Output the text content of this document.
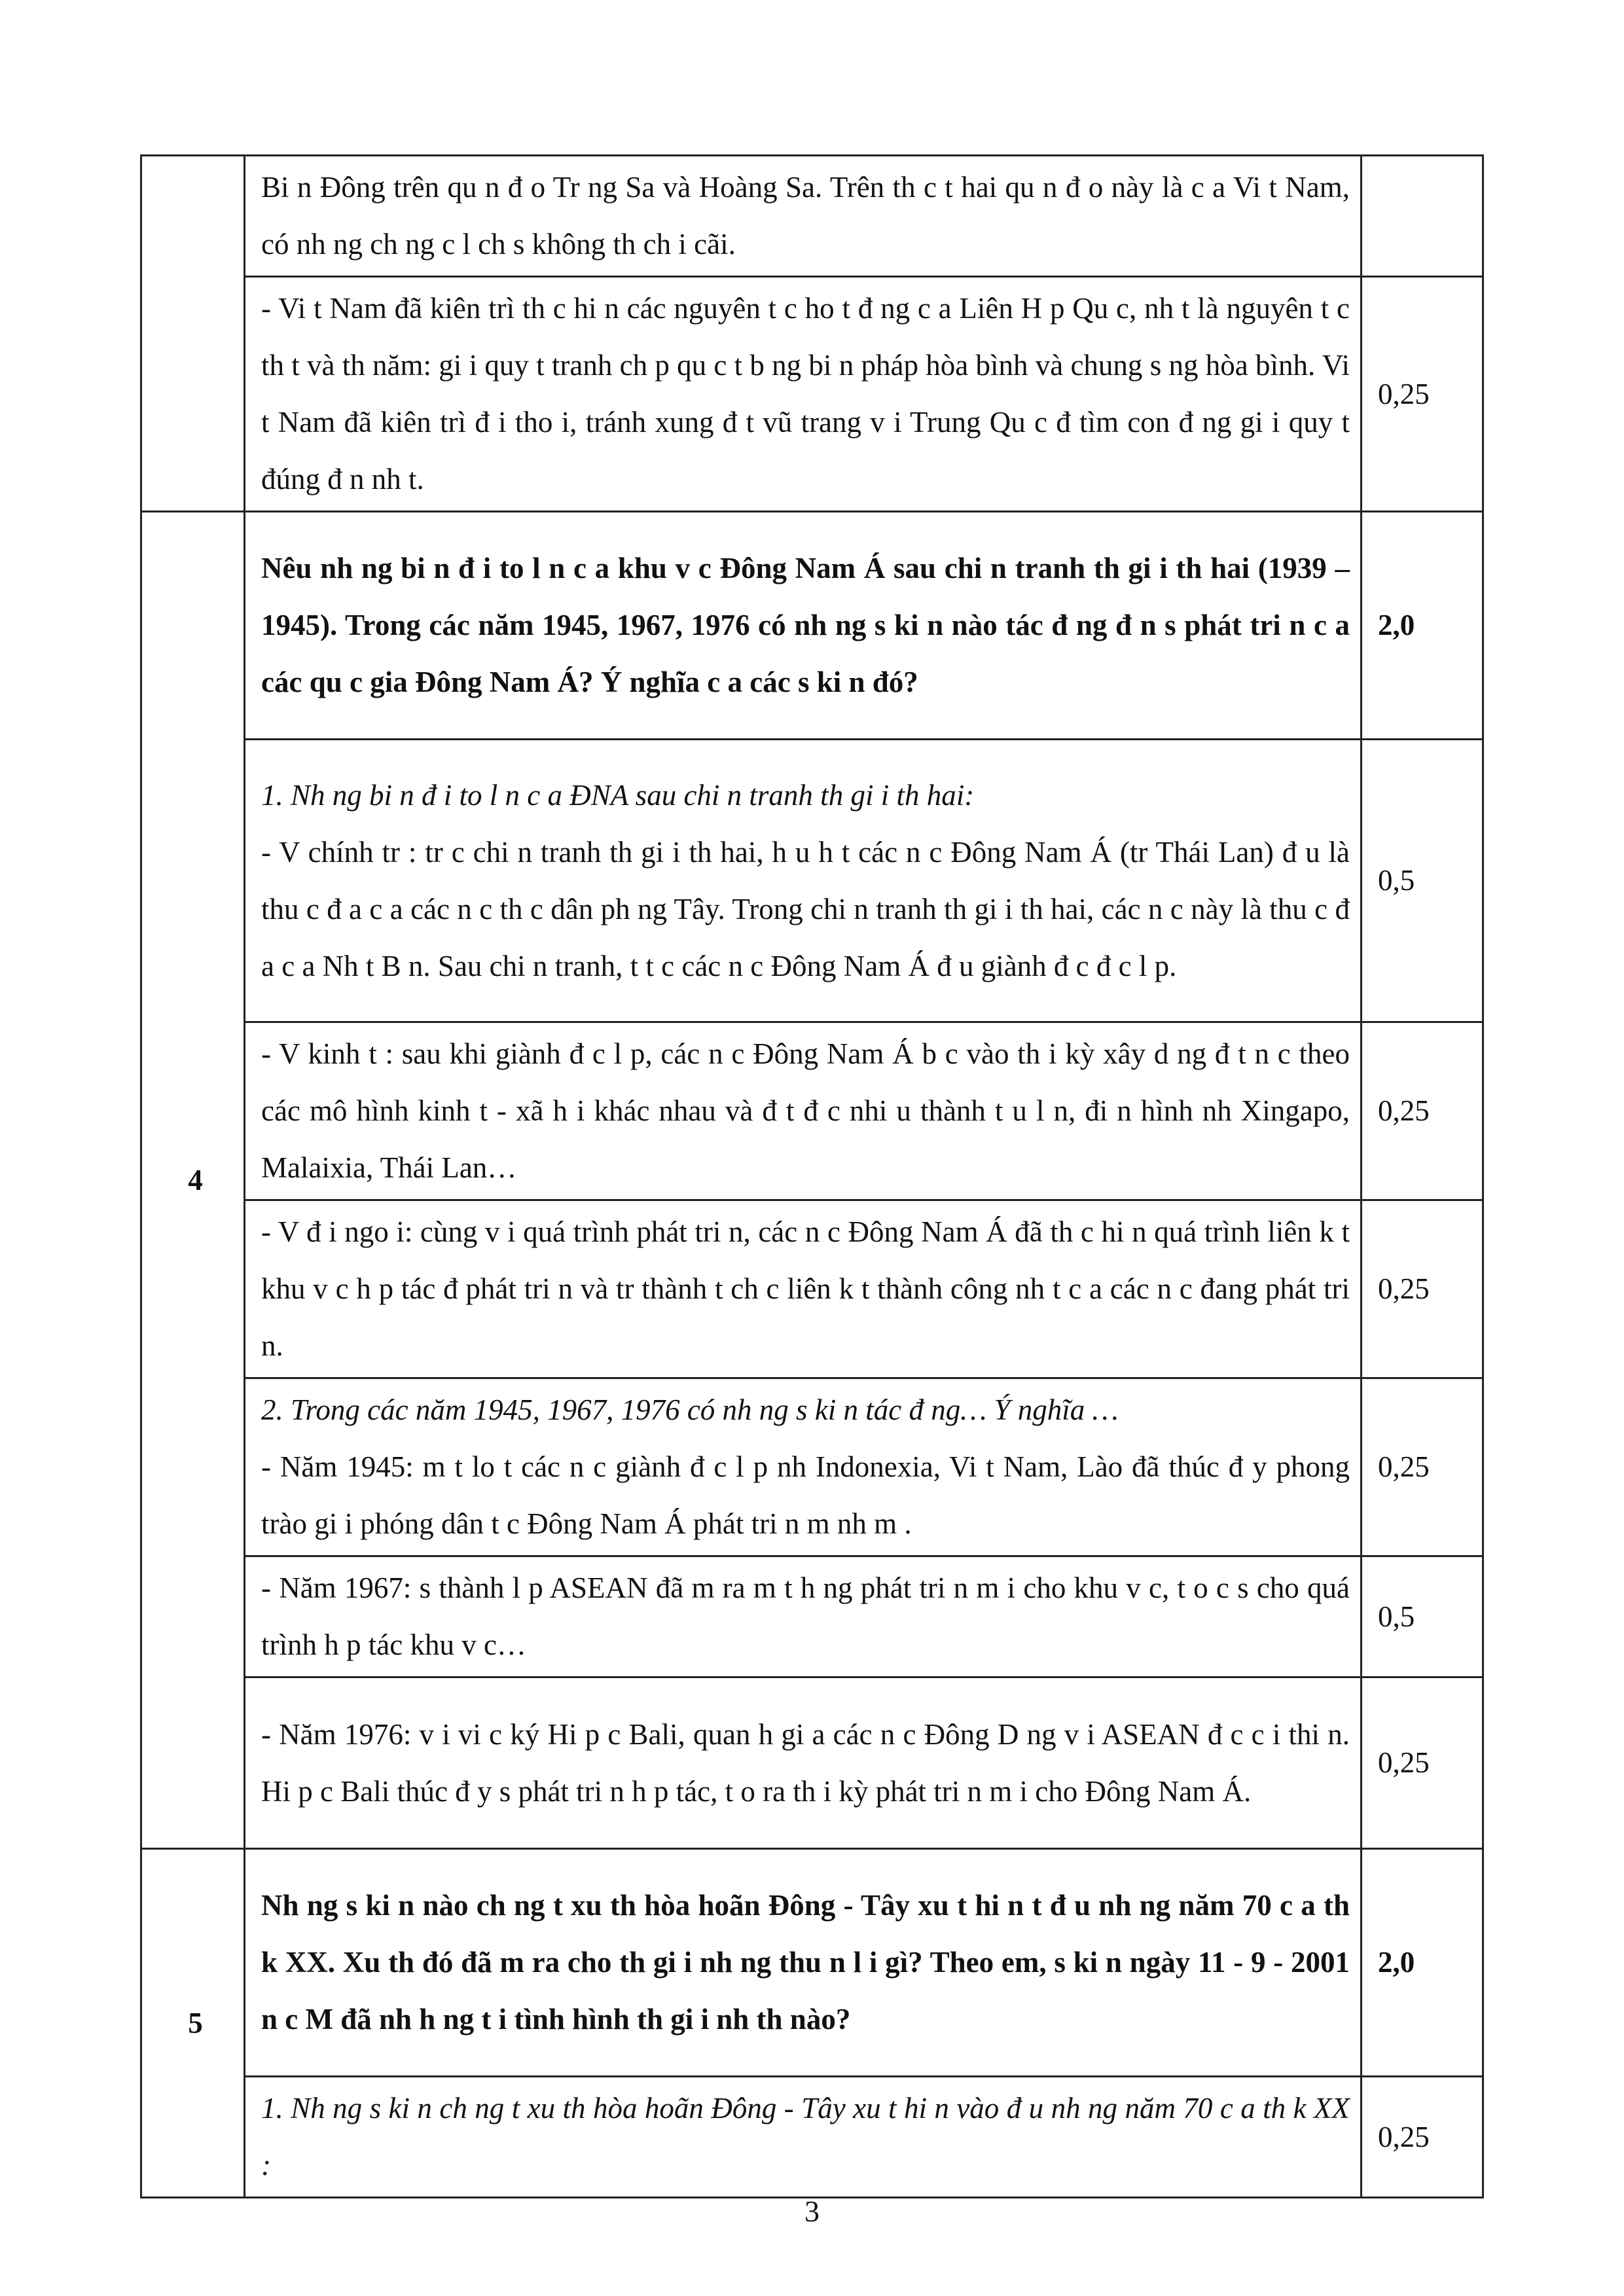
	Bi n Đông trên qu n đ o Tr ng Sa và Hoàng Sa. Trên th c t hai qu n đ o này là c a Vi t Nam, có nh ng ch ng c l ch s không th ch i cãi.	
	- Vi t Nam đã kiên trì th c hi n các nguyên t c ho t đ ng c a Liên H p Qu c, nh t là nguyên t c th t và th năm: gi i quy t tranh ch p qu c t b ng bi n pháp hòa bình và chung s ng hòa bình. Vi t Nam đã kiên trì đ i tho i, tránh xung đ t vũ trang v i Trung Qu c đ tìm con đ ng gi i quy t đúng đ n nh t.	0,25
4	Nêu nh ng bi n đ i to l n c a khu v c Đông Nam Á sau chi n tranh th gi i th hai (1939 – 1945). Trong các năm 1945, 1967, 1976 có nh ng s ki n nào tác đ ng đ n s phát tri n c a các qu c gia Đông Nam Á? Ý nghĩa c a các s ki n đó?	2,0

	1. Nh ng bi n đ i to l n c a ĐNA sau chi n tranh th gi i th hai:
- V chính tr : tr c chi n tranh th gi i th hai, h u h t các n c Đông Nam Á (tr Thái Lan) đ u là thu c đ a c a các n c th c dân ph ng Tây. Trong chi n tranh th gi i th hai, các n c này là thu c đ a c a Nh t B n. Sau chi n tranh, t t c các n c Đông Nam Á đ u giành đ c đ c l p.	0,5
	- V kinh t : sau khi giành đ c l p, các n c Đông Nam Á b c vào th i kỳ xây d ng đ t n c theo các mô hình kinh t - xã h i khác nhau và đ t đ c nhi u thành t u l n, đi n hình nh Xingapo, Malaixia, Thái Lan…	0,25
	- V đ i ngo i: cùng v i quá trình phát tri n, các n c Đông Nam Á đã th c hi n quá trình liên k t khu v c h p tác đ phát tri n và tr thành t ch c liên k t thành công nh t c a các n c đang phát tri n.	0,25

	2. Trong các năm 1945, 1967, 1976 có nh ng s ki n tác đ ng… Ý nghĩa …
- Năm 1945: m t lo t các n c giành đ c l p nh Indonexia, Vi t Nam, Lào đã thúc đ y phong trào gi i phóng dân t c Đông Nam Á phát tri n m nh m .	0,25
	- Năm 1967: s thành l p ASEAN đã m ra m t h ng phát tri n m i cho khu v c, t o c s cho quá trình h p tác khu v c…	0,5
	- Năm 1976: v i vi c ký Hi p c Bali, quan h gi a các n c Đông D ng v i ASEAN đ c c i thi n. Hi p c Bali thúc đ y s phát tri n h p tác, t o ra th i kỳ phát tri n m i cho Đông Nam Á.	0,25
5	Nh ng s ki n nào ch ng t xu th hòa hoãn Đông - Tây xu t hi n t đ u nh ng năm 70 c a th k XX. Xu th đó đã m ra cho th gi i nh ng thu n l i gì? Theo em, s ki n ngày 11 - 9 - 2001 n c M đã nh h ng t i tình hình th gi i nh th nào?	2,0
	1. Nh ng s ki n ch ng t xu th hòa hoãn Đông - Tây xu t hi n vào đ u nh ng năm 70 c a th k XX :	0,25
3
